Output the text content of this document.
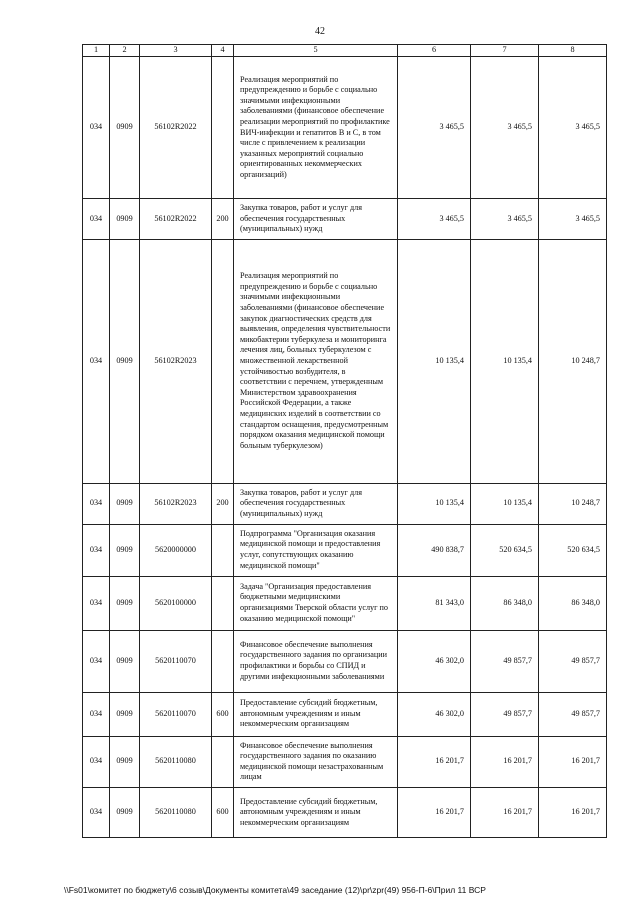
42
1	2	3	4	5	6	7	8
034	0909	56102R2022		Реализация мероприятий по предупреждению и борьбе с социально значимыми инфекционными заболеваниями (финансовое обеспечение реализации мероприятий по профилактике ВИЧ-инфекции и гепатитов В и С, в том числе с привлечением к реализации указанных мероприятий социально ориентированных некоммерческих организаций)	3 465,5	3 465,5	3 465,5
034	0909	56102R2022	200	Закупка товаров, работ и услуг для обеспечения государственных (муниципальных) нужд	3 465,5	3 465,5	3 465,5
034	0909	56102R2023		Реализация мероприятий по предупреждению и борьбе с социально значимыми инфекционными заболеваниями (финансовое обеспечение закупок диагностических средств для выявления, определения чувствительности микобактерии туберкулеза и мониторинга лечения лиц, больных туберкулезом с множественной лекарственной устойчивостью возбудителя, в соответствии с перечнем, утвержденным Министерством здравоохранения Российской Федерации, а также медицинских изделий в соответствии со стандартом оснащения, предусмотренным порядком оказания медицинской помощи больным туберкулезом)	10 135,4	10 135,4	10 248,7
034	0909	56102R2023	200	Закупка товаров, работ и услуг для обеспечения государственных (муниципальных) нужд	10 135,4	10 135,4	10 248,7
034	0909	5620000000		Подпрограмма "Организация оказания медицинской помощи и предоставления услуг, сопутствующих оказанию медицинской помощи"	490 838,7	520 634,5	520 634,5
034	0909	5620100000		Задача "Организация предоставления бюджетными медицинскими организациями Тверской области услуг по оказанию медицинской помощи"	81 343,0	86 348,0	86 348,0
034	0909	5620110070		Финансовое обеспечение выполнения государственного задания по организации профилактики и борьбы со СПИД и другими инфекционными заболеваниями	46 302,0	49 857,7	49 857,7
034	0909	5620110070	600	Предоставление субсидий бюджетным, автономным учреждениям и иным некоммерческим организациям	46 302,0	49 857,7	49 857,7
034	0909	5620110080		Финансовое обеспечение выполнения государственного задания по оказанию медицинской помощи незастрахованным лицам	16 201,7	16 201,7	16 201,7
034	0909	5620110080	600	Предоставление субсидий бюджетным, автономным учреждениям и иным некоммерческим организациям	16 201,7	16 201,7	16 201,7
\\Fs01\комитет по бюджету\6 созыв\Документы комитета\49 заседание (12)\pr\zpr(49) 956-П-6\Прил 11 ВСР
